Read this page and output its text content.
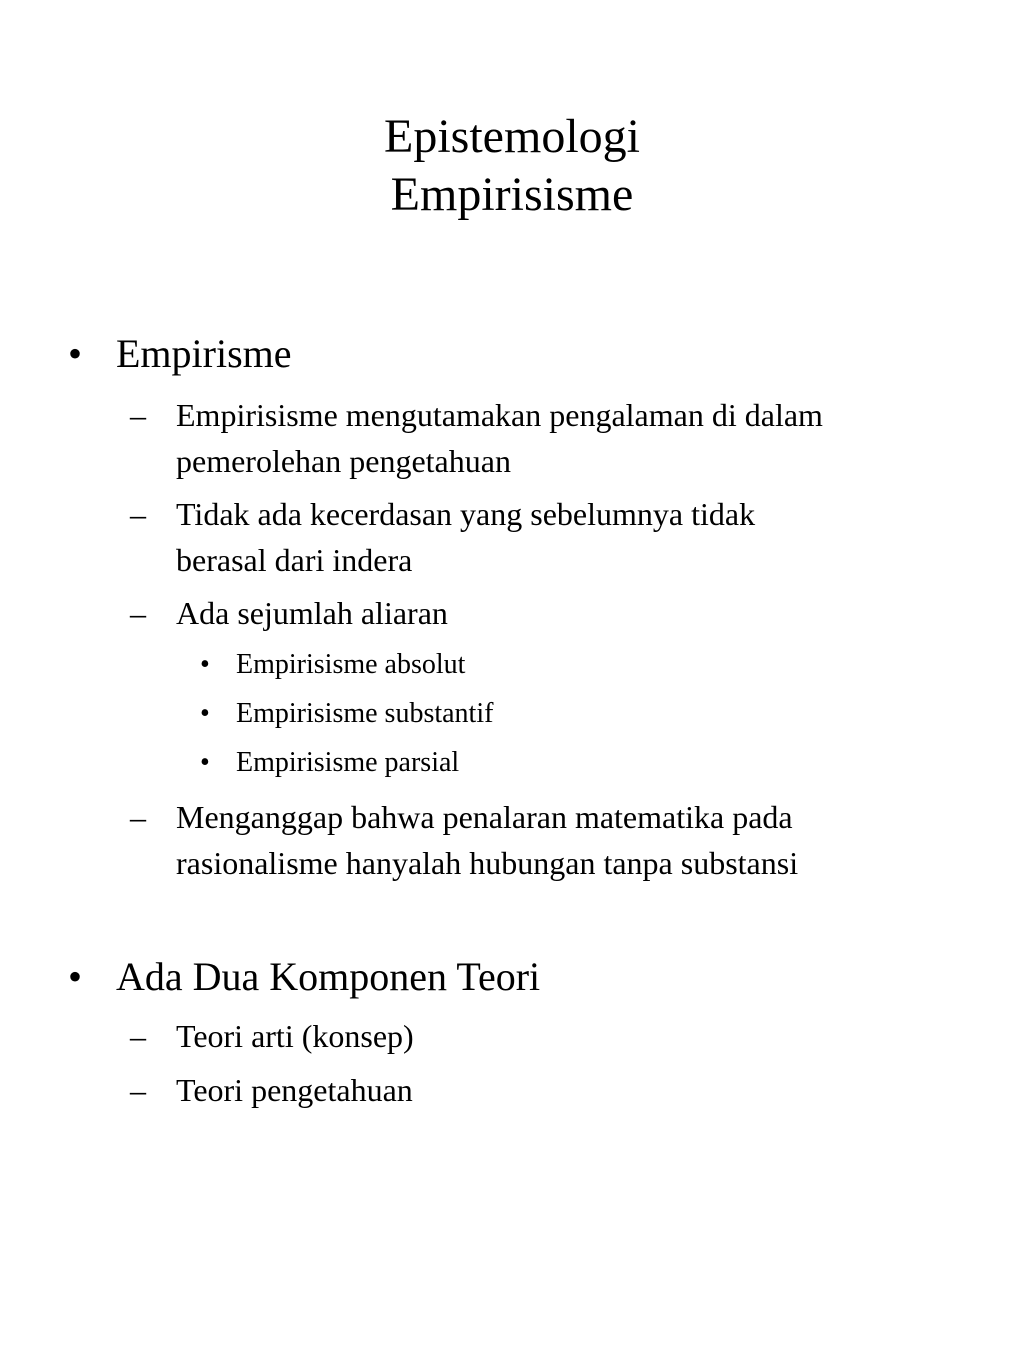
Epistemologi
Empirisisme
• Empirisme
– Empirisisme mengutamakan pengalaman di dalam
pemerolehan pengetahuan
– Tidak ada kecerdasan yang sebelumnya tidak
berasal dari indera
– Ada sejumlah aliaran
• Empirisisme absolut
• Empirisisme substantif
• Empirisisme parsial
– Menganggap bahwa penalaran matematika pada
rasionalisme hanyalah hubungan tanpa substansi
• Ada Dua Komponen Teori
– Teori arti (konsep)
– Teori pengetahuan
